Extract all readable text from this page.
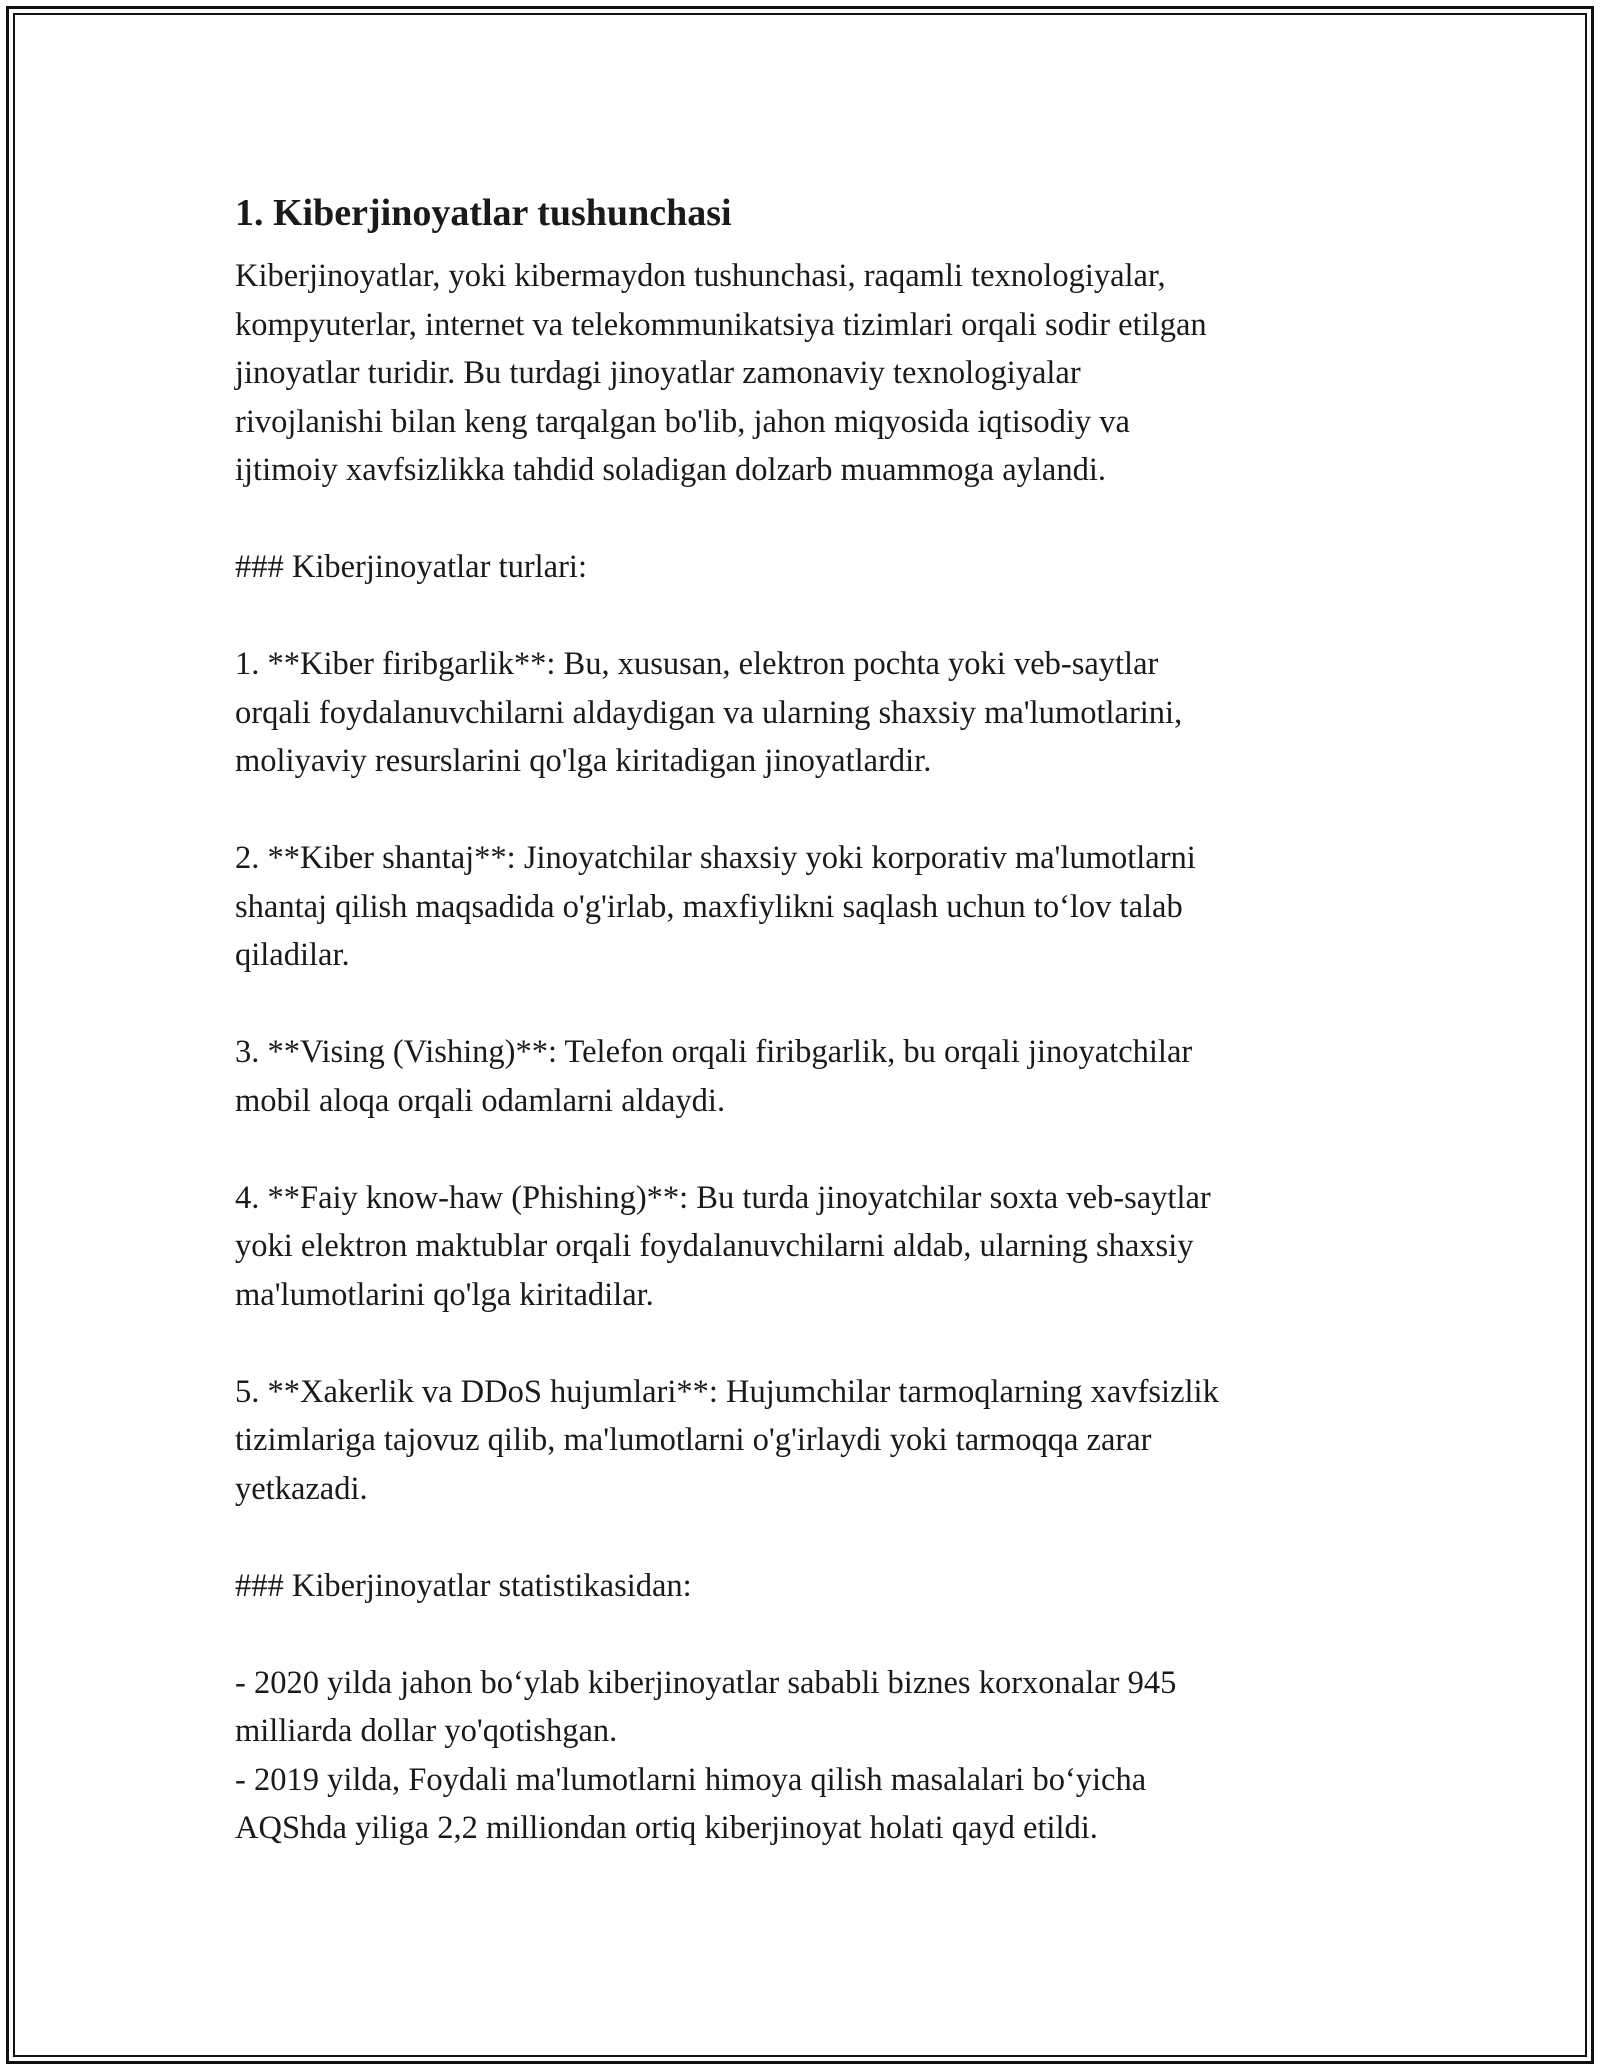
1. Kiberjinoyatlar tushunchasi
Kiberjinoyatlar, yoki kibermaydon tushunchasi, raqamli texnologiyalar,
kompyuterlar, internet va telekommunikatsiya tizimlari orqali sodir etilgan
jinoyatlar turidir. Bu turdagi jinoyatlar zamonaviy texnologiyalar
rivojlanishi bilan keng tarqalgan bo'lib, jahon miqyosida iqtisodiy va
ijtimoiy xavfsizlikka tahdid soladigan dolzarb muammoga aylandi.
### Kiberjinoyatlar turlari:
1. **Kiber firibgarlik**: Bu, xususan, elektron pochta yoki veb-saytlar
orqali foydalanuvchilarni aldaydigan va ularning shaxsiy ma'lumotlarini,
moliyaviy resurslarini qo'lga kiritadigan jinoyatlardir.
2. **Kiber shantaj**: Jinoyatchilar shaxsiy yoki korporativ ma'lumotlarni
shantaj qilish maqsadida o'g'irlab, maxfiylikni saqlash uchun to‘lov talab
qiladilar.
3. **Vising (Vishing)**: Telefon orqali firibgarlik, bu orqali jinoyatchilar
mobil aloqa orqali odamlarni aldaydi.
4. **Faiy know-haw (Phishing)**: Bu turda jinoyatchilar soxta veb-saytlar
yoki elektron maktublar orqali foydalanuvchilarni aldab, ularning shaxsiy
ma'lumotlarini qo'lga kiritadilar.
5. **Xakerlik va DDoS hujumlari**: Hujumchilar tarmoqlarning xavfsizlik
tizimlariga tajovuz qilib, ma'lumotlarni o'g'irlaydi yoki tarmoqqa zarar
yetkazadi.
### Kiberjinoyatlar statistikasidan:
- 2020 yilda jahon bo‘ylab kiberjinoyatlar sababli biznes korxonalar 945
milliarda dollar yo'qotishgan.
- 2019 yilda, Foydali ma'lumotlarni himoya qilish masalalari bo‘yicha
AQShda yiliga 2,2 milliondan ortiq kiberjinoyat holati qayd etildi.
